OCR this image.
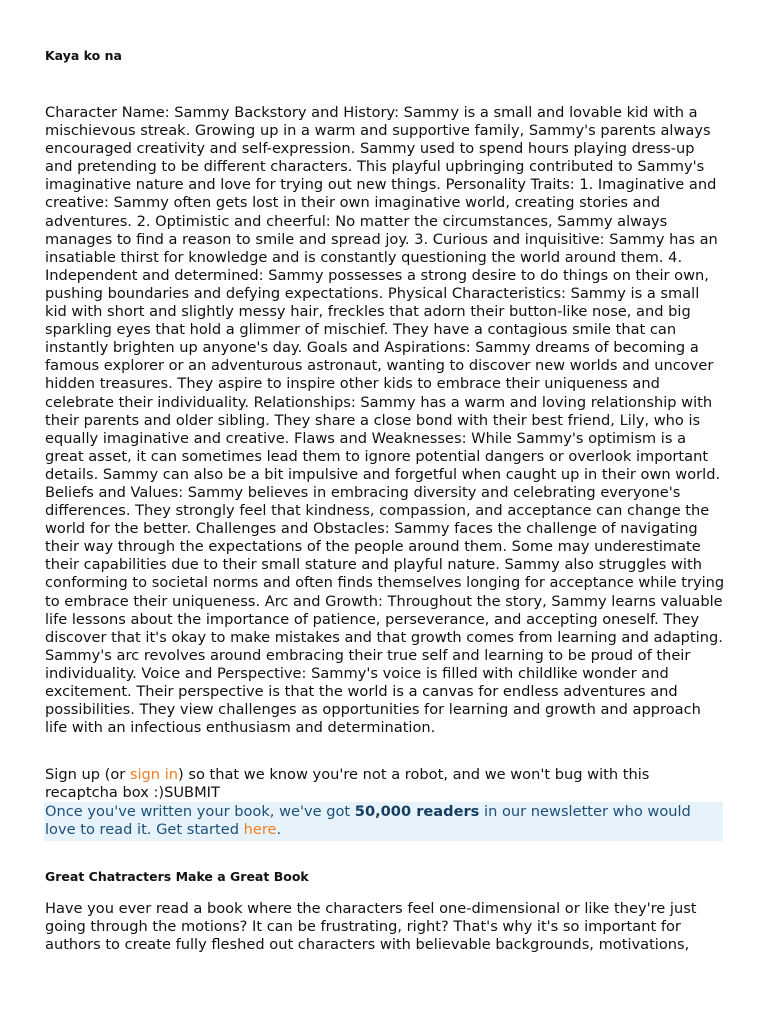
Kaya ko na

Character Name: Sammy Backstory and History: Sammy is a small and lovable kid with a mischievous streak. Growing up in a warm and supportive family, Sammy's parents always encouraged creativity and self-expression. Sammy used to spend hours playing dress-up and pretending to be different characters. This playful upbringing contributed to Sammy's imaginative nature and love for trying out new things. Personality Traits: 1. Imaginative and creative: Sammy often gets lost in their own imaginative world, creating stories and adventures. 2. Optimistic and cheerful: No matter the circumstances, Sammy always manages to find a reason to smile and spread joy. 3. Curious and inquisitive: Sammy has an insatiable thirst for knowledge and is constantly questioning the world around them. 4. Independent and determined: Sammy possesses a strong desire to do things on their own, pushing boundaries and defying expectations. Physical Characteristics: Sammy is a small kid with short and slightly messy hair, freckles that adorn their button-like nose, and big sparkling eyes that hold a glimmer of mischief. They have a contagious smile that can instantly brighten up anyone's day. Goals and Aspirations: Sammy dreams of becoming a famous explorer or an adventurous astronaut, wanting to discover new worlds and uncover hidden treasures. They aspire to inspire other kids to embrace their uniqueness and celebrate their individuality. Relationships: Sammy has a warm and loving relationship with their parents and older sibling. They share a close bond with their best friend, Lily, who is equally imaginative and creative. Flaws and Weaknesses: While Sammy's optimism is a great asset, it can sometimes lead them to ignore potential dangers or overlook important details. Sammy can also be a bit impulsive and forgetful when caught up in their own world. Beliefs and Values: Sammy believes in embracing diversity and celebrating everyone's differences. They strongly feel that kindness, compassion, and acceptance can change the world for the better. Challenges and Obstacles: Sammy faces the challenge of navigating their way through the expectations of the people around them. Some may underestimate their capabilities due to their small stature and playful nature. Sammy also struggles with conforming to societal norms and often finds themselves longing for acceptance while trying to embrace their uniqueness. Arc and Growth: Throughout the story, Sammy learns valuable life lessons about the importance of patience, perseverance, and accepting oneself. They discover that it's okay to make mistakes and that growth comes from learning and adapting. Sammy's arc revolves around embracing their true self and learning to be proud of their individuality. Voice and Perspective: Sammy's voice is filled with childlike wonder and excitement. Their perspective is that the world is a canvas for endless adventures and possibilities. They view challenges as opportunities for learning and growth and approach life with an infectious enthusiasm and determination.

Sign up (or sign in) so that we know you're not a robot, and we won't bug with this recaptcha box :)SUBMIT

Once you've written your book, we've got 50,000 readers in our newsletter who would love to read it. Get started here.

Great Chatracters Make a Great Book

Have you ever read a book where the characters feel one-dimensional or like they're just going through the motions? It can be frustrating, right? That's why it's so important for authors to create fully fleshed out characters with believable backgrounds, motivations,
